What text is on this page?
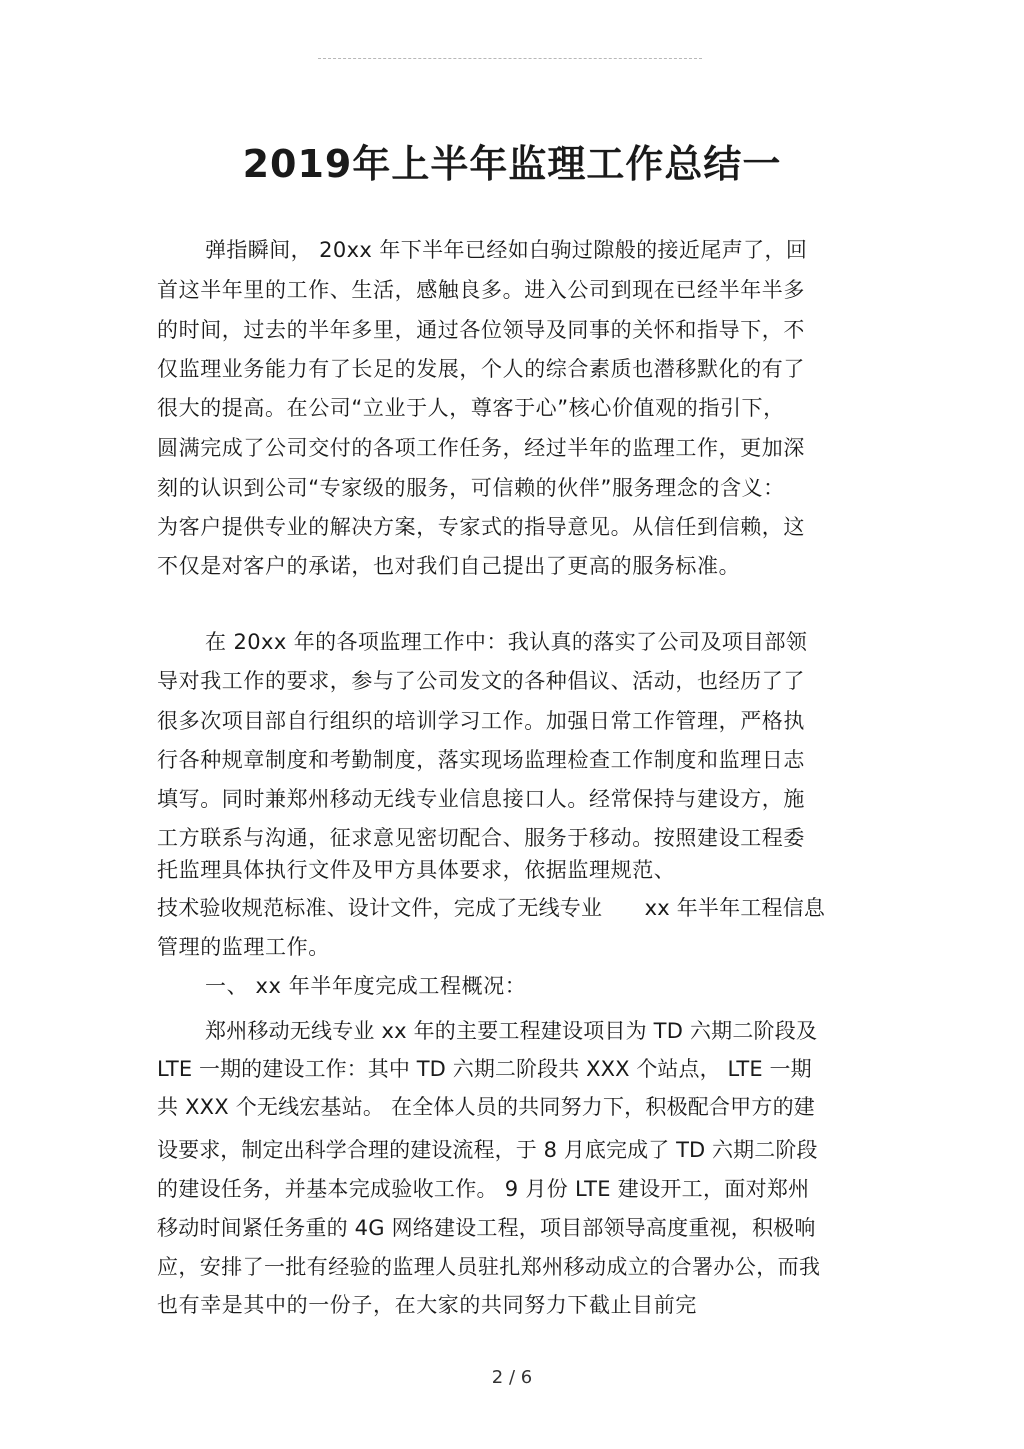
2019年上半年监理工作总结一
弹指瞬间， 20xx 年下半年已经如白驹过隙般的接近尾声了，回
首这半年里的工作、生活，感触良多。进入公司到现在已经半年半多
的时间，过去的半年多里，通过各位领导及同事的关怀和指导下，不
仅监理业务能力有了长足的发展，个人的综合素质也潜移默化的有了
很大的提高。在公司“立业于人，尊客于心”核心价值观的指引下，
圆满完成了公司交付的各项工作任务，经过半年的监理工作，更加深
刻的认识到公司“专家级的服务，可信赖的伙伴”服务理念的含义：
为客户提供专业的解决方案，专家式的指导意见。从信任到信赖，这
不仅是对客户的承诺，也对我们自己提出了更高的服务标准。
在 20xx 年的各项监理工作中：我认真的落实了公司及项目部领
导对我工作的要求，参与了公司发文的各种倡议、活动，也经历了了
很多次项目部自行组织的培训学习工作。加强日常工作管理，严格执
行各种规章制度和考勤制度，落实现场监理检查工作制度和监理日志
填写。同时兼郑州移动无线专业信息接口人。经常保持与建设方，施
工方联系与沟通，征求意见密切配合、服务于移动。按照建设工程委
托监理具体执行文件及甲方具体要求，依据监理规范、
技术验收规范标准、设计文件，完成了无线专业　　xx 年半年工程信息
管理的监理工作。
一、 xx 年半年度完成工程概况：
郑州移动无线专业 xx 年的主要工程建设项目为 TD 六期二阶段及
LTE 一期的建设工作：其中 TD 六期二阶段共 XXX 个站点， LTE 一期
共 XXX 个无线宏基站。 在全体人员的共同努力下，积极配合甲方的建
设要求，制定出科学合理的建设流程，于 8 月底完成了 TD 六期二阶段
的建设任务，并基本完成验收工作。 9 月份 LTE 建设开工，面对郑州
移动时间紧任务重的 4G 网络建设工程，项目部领导高度重视，积极响
应，安排了一批有经验的监理人员驻扎郑州移动成立的合署办公，而我
也有幸是其中的一份子，在大家的共同努力下截止目前完
2 / 6
